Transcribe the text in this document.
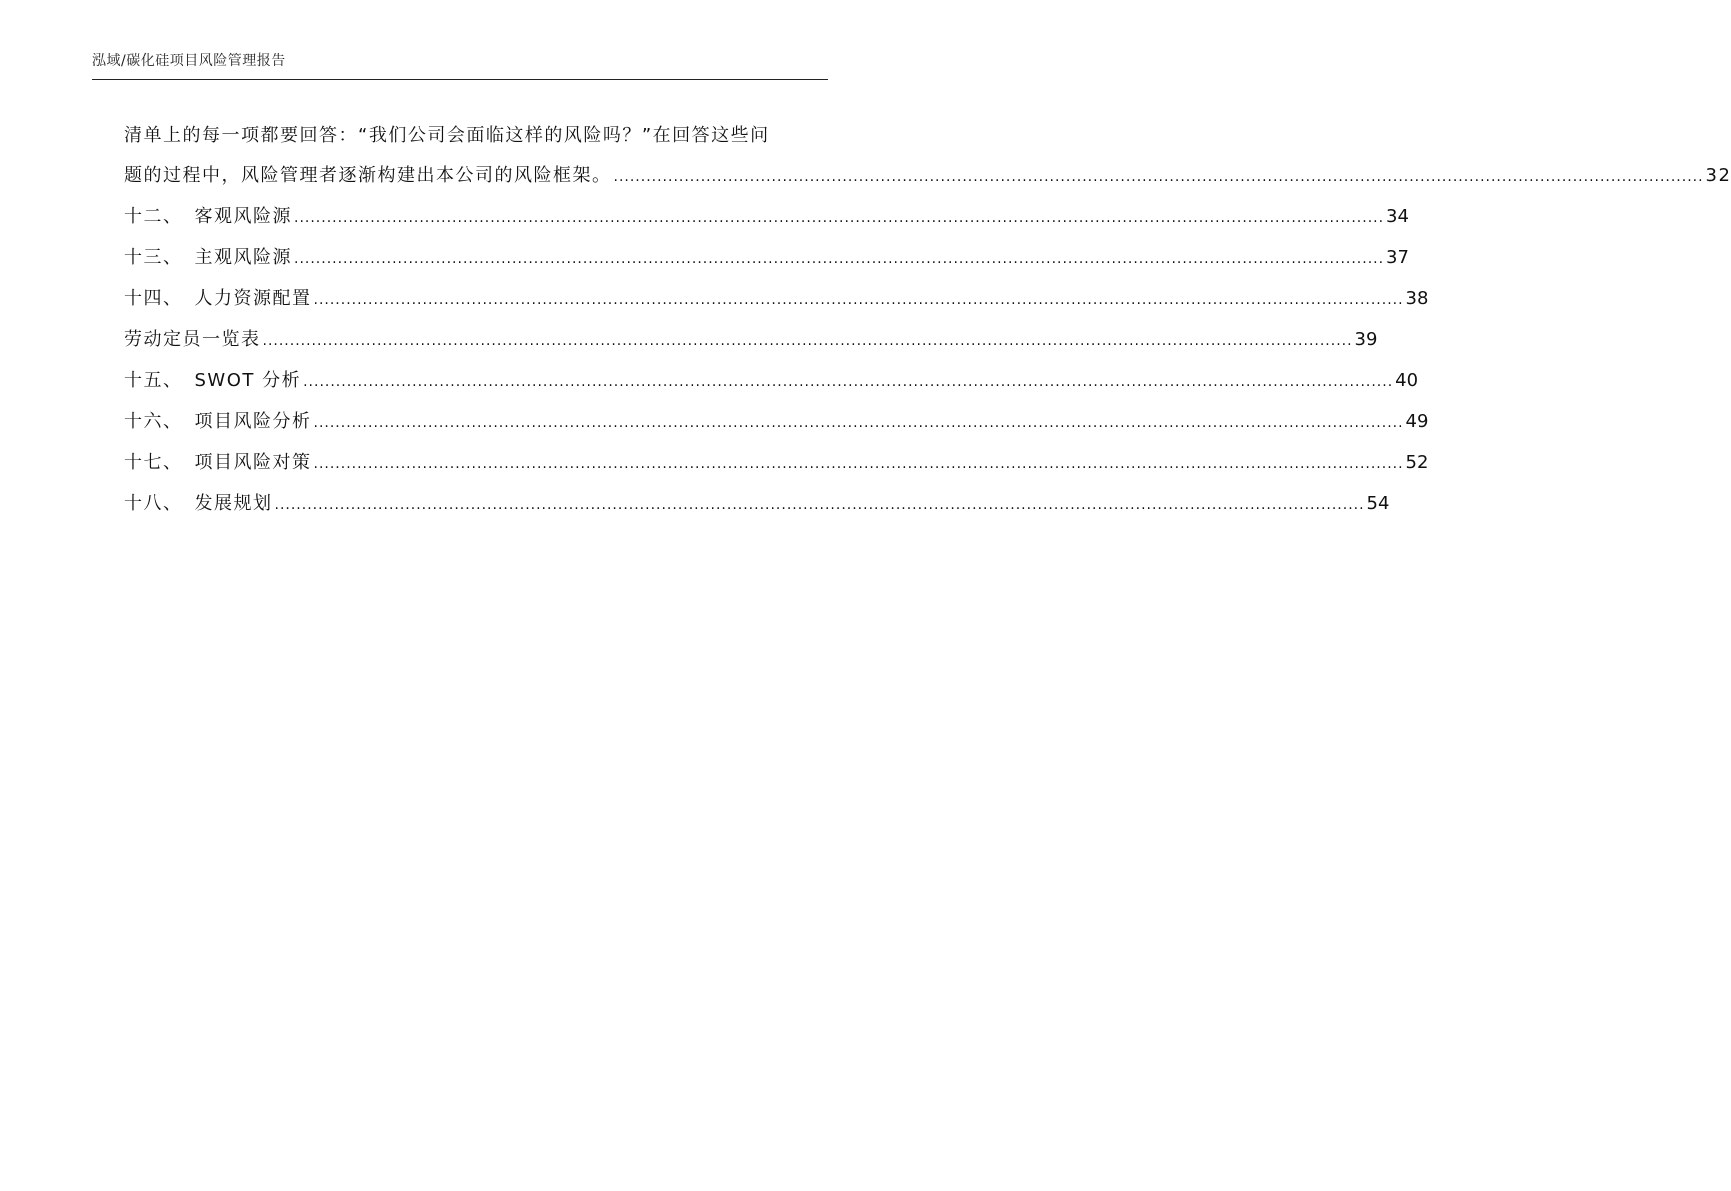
泓域/碳化硅项目风险管理报告
清单上的每一项都要回答：“我们公司会面临这样的风险吗？”在回答这些问
题的过程中，风险管理者逐渐构建出本公司的风险框架。 ........................................................................................................................................................................................................ 32
十二、 客观风险源 ........................................................................................................................................................................................................ 34
十三、 主观风险源 ........................................................................................................................................................................................................ 37
十四、 人力资源配置 ........................................................................................................................................................................................................ 38
劳动定员一览表 ........................................................................................................................................................................................................ 39
十五、 SWOT 分析 ........................................................................................................................................................................................................ 40
十六、 项目风险分析 ........................................................................................................................................................................................................ 49
十七、 项目风险对策 ........................................................................................................................................................................................................ 52
十八、 发展规划 ........................................................................................................................................................................................................ 54
